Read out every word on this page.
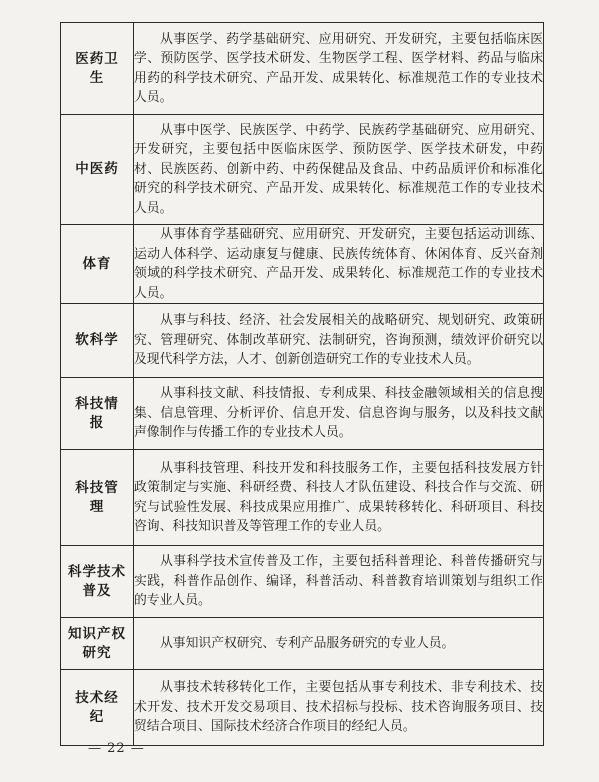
医药卫生	从事医学、药学基础研究、应用研究、开发研究，主要包括临床医学、预防医学、医学技术研发、生物医学工程、医学材料、药品与临床用药的科学技术研究、产品开发、成果转化、标准规范工作的专业技术人员。
中医药	从事中医学、民族医学、中药学、民族药学基础研究、应用研究、开发研究，主要包括中医临床医学、预防医学、医学技术研发，中药材、民族医药、创新中药、中药保健品及食品、中药品质评价和标准化研究的科学技术研究、产品开发、成果转化、标准规范工作的专业技术人员。
体育	从事体育学基础研究、应用研究、开发研究，主要包括运动训练、运动人体科学、运动康复与健康、民族传统体育、休闲体育、反兴奋剂领域的科学技术研究、产品开发、成果转化、标准规范工作的专业技术人员。
软科学	从事与科技、经济、社会发展相关的战略研究、规划研究、政策研究、管理研究、体制改革研究、法制研究，咨询预测，绩效评价研究以及现代科学方法，人才、创新创造研究工作的专业技术人员。
科技情报	从事科技文献、科技情报、专利成果、科技金融领域相关的信息搜集、信息管理、分析评价、信息开发、信息咨询与服务，以及科技文献声像制作与传播工作的专业技术人员。
科技管理	从事科技管理、科技开发和科技服务工作，主要包括科技发展方针政策制定与实施、科研经费、科技人才队伍建设、科技合作与交流、研究与试验性发展、科技成果应用推广、成果转移转化、科研项目、科技咨询、科技知识普及等管理工作的专业人员。
科学技术普及	从事科学技术宣传普及工作，主要包括科普理论、科普传播研究与实践，科普作品创作、编译，科普活动、科普教育培训策划与组织工作的专业人员。
知识产权研究	从事知识产权研究、专利产品服务研究的专业人员。
技术经纪	从事技术转移转化工作，主要包括从事专利技术、非专利技术、技术开发、技术开发交易项目、技术招标与投标、技术咨询服务项目、技贸结合项目、国际技术经济合作项目的经纪人员。
— 22 —
